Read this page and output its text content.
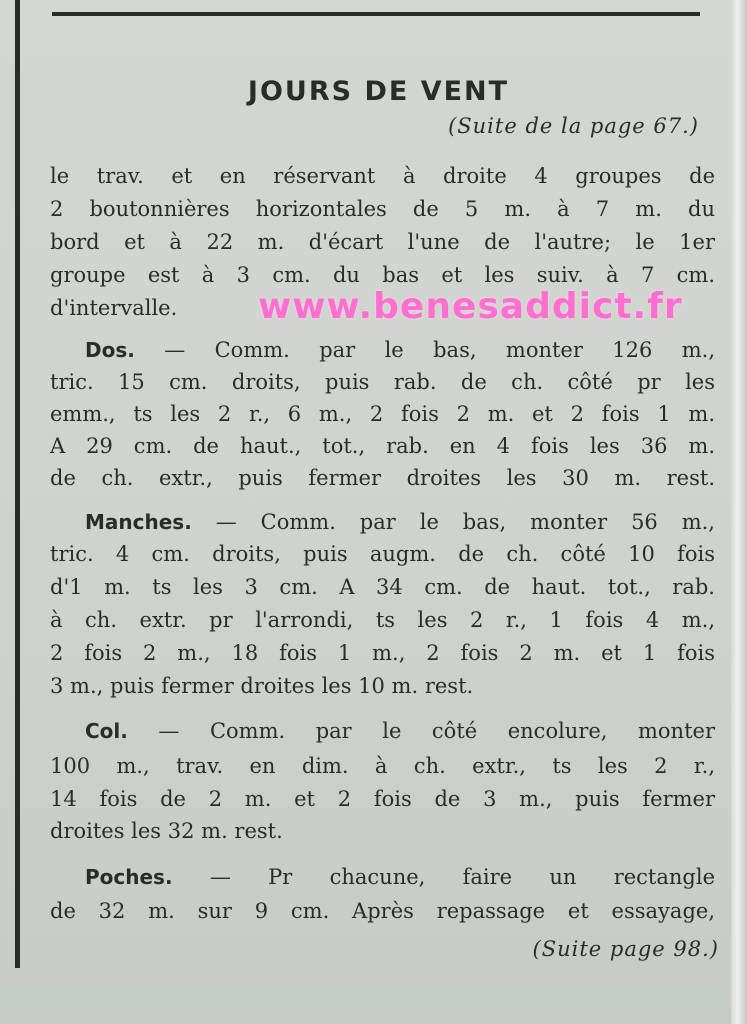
JOURS DE VENT
(Suite de la page 67.)
le trav. et en réservant à droite 4 groupes de
2 boutonnières horizontales de 5 m. à 7 m. du
bord et à 22 m. d'écart l'une de l'autre; le 1er
groupe est à 3 cm. du bas et les suiv. à 7 cm.
d'intervalle.
Dos. — Comm. par le bas, monter 126 m.,
tric. 15 cm. droits, puis rab. de ch. côté pr les
emm., ts les 2 r., 6 m., 2 fois 2 m. et 2 fois 1 m.
A 29 cm. de haut., tot., rab. en 4 fois les 36 m.
de ch. extr., puis fermer droites les 30 m. rest.
Manches. — Comm. par le bas, monter 56 m.,
tric. 4 cm. droits, puis augm. de ch. côté 10 fois
d'1 m. ts les 3 cm. A 34 cm. de haut. tot., rab.
à ch. extr. pr l'arrondi, ts les 2 r., 1 fois 4 m.,
2 fois 2 m., 18 fois 1 m., 2 fois 2 m. et 1 fois
3 m., puis fermer droites les 10 m. rest.
Col. — Comm. par le côté encolure, monter
100 m., trav. en dim. à ch. extr., ts les 2 r.,
14 fois de 2 m. et 2 fois de 3 m., puis fermer
droites les 32 m. rest.
Poches. — Pr chacune, faire un rectangle
de 32 m. sur 9 cm. Après repassage et essayage,
(Suite page 98.)
www.benesaddict.fr
